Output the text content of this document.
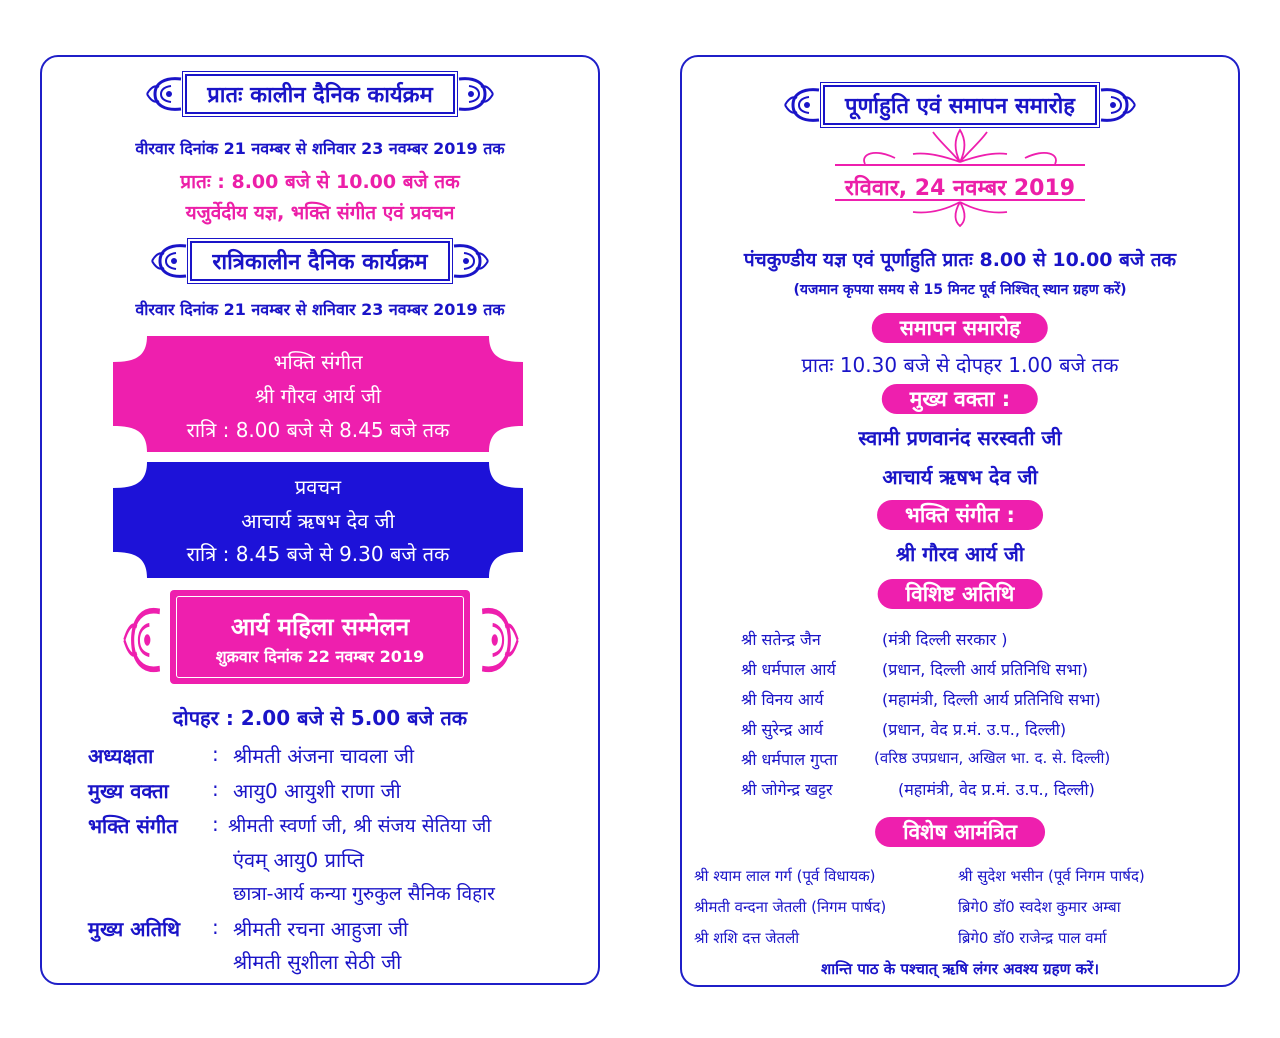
प्रातः कालीन दैनिक कार्यक्रम
वीरवार दिनांक 21 नवम्बर से शनिवार 23 नवम्बर 2019 तक
प्रातः : 8.00 बजे से 10.00 बजे तक
यजुर्वेदीय यज्ञ, भक्ति संगीत एवं प्रवचन
रात्रिकालीन दैनिक कार्यक्रम
वीरवार दिनांक 21 नवम्बर से शनिवार 23 नवम्बर 2019 तक
भक्ति संगीत
श्री गौरव आर्य जी
रात्रि : 8.00 बजे से 8.45 बजे तक
प्रवचन
आचार्य ऋषभ देव जी
रात्रि : 8.45 बजे से 9.30 बजे तक
आर्य महिला सम्मेलन
शुक्रवार दिनांक 22 नवम्बर 2019
दोपहर : 2.00 बजे से 5.00 बजे तक
अध्यक्षता	: श्रीमती अंजना चावला जी
मुख्य वक्ता : आयु0 आयुशी राणा जी
भक्ति संगीत : श्रीमती स्वर्णा जी, श्री संजय सेतिया जी
एंवम् आयु0 प्राप्ति
छात्रा-आर्य कन्या गुरुकुल सैनिक विहार
मुख्य अतिथि : श्रीमती रचना आहुजा जी
श्रीमती सुशीला सेठी जी
पूर्णाहुति एवं समापन समारोह
रविवार, 24 नवम्बर 2019
पंचकुण्डीय यज्ञ एवं पूर्णाहुति प्रातः 8.00 से 10.00 बजे तक
(यजमान कृपया समय से 15 मिनट पूर्व निश्चित् स्थान ग्रहण करें)
समापन समारोह
प्रातः 10.30 बजे से दोपहर 1.00 बजे तक
मुख्य वक्ता :
स्वामी प्रणवानंद सरस्वती जी
आचार्य ऋषभ देव जी
भक्ति संगीत :
श्री गौरव आर्य जी
विशिष्ट अतिथि
श्री सतेन्द्र जैन	(मंत्री दिल्ली सरकार )
श्री धर्मपाल आर्य	(प्रधान, दिल्ली आर्य प्रतिनिधि सभा)
श्री विनय आर्य	(महामंत्री, दिल्ली आर्य प्रतिनिधि सभा)
श्री सुरेन्द्र आर्य	(प्रधान, वेद प्र.मं. उ.प., दिल्ली)
श्री धर्मपाल गुप्ता (वरिष्ठ उपप्रधान, अखिल भा. द. से. दिल्ली)
श्री जोगेन्द्र खट्टर	(महामंत्री, वेद प्र.मं. उ.प., दिल्ली)
विशेष आमंत्रित
श्री श्याम लाल गर्ग (पूर्व विधायक)	श्री सुदेश भसीन (पूर्व निगम पार्षद)
श्रीमती वन्दना जेतली (निगम पार्षद)	ब्रिगे0 डॉ0 स्वदेश कुमार अम्बा
श्री शशि दत्त जेतली	ब्रिगे0 डॉ0 राजेन्द्र पाल वर्मा
शान्ति पाठ के पश्चात् ऋषि लंगर अवश्य ग्रहण करें।
